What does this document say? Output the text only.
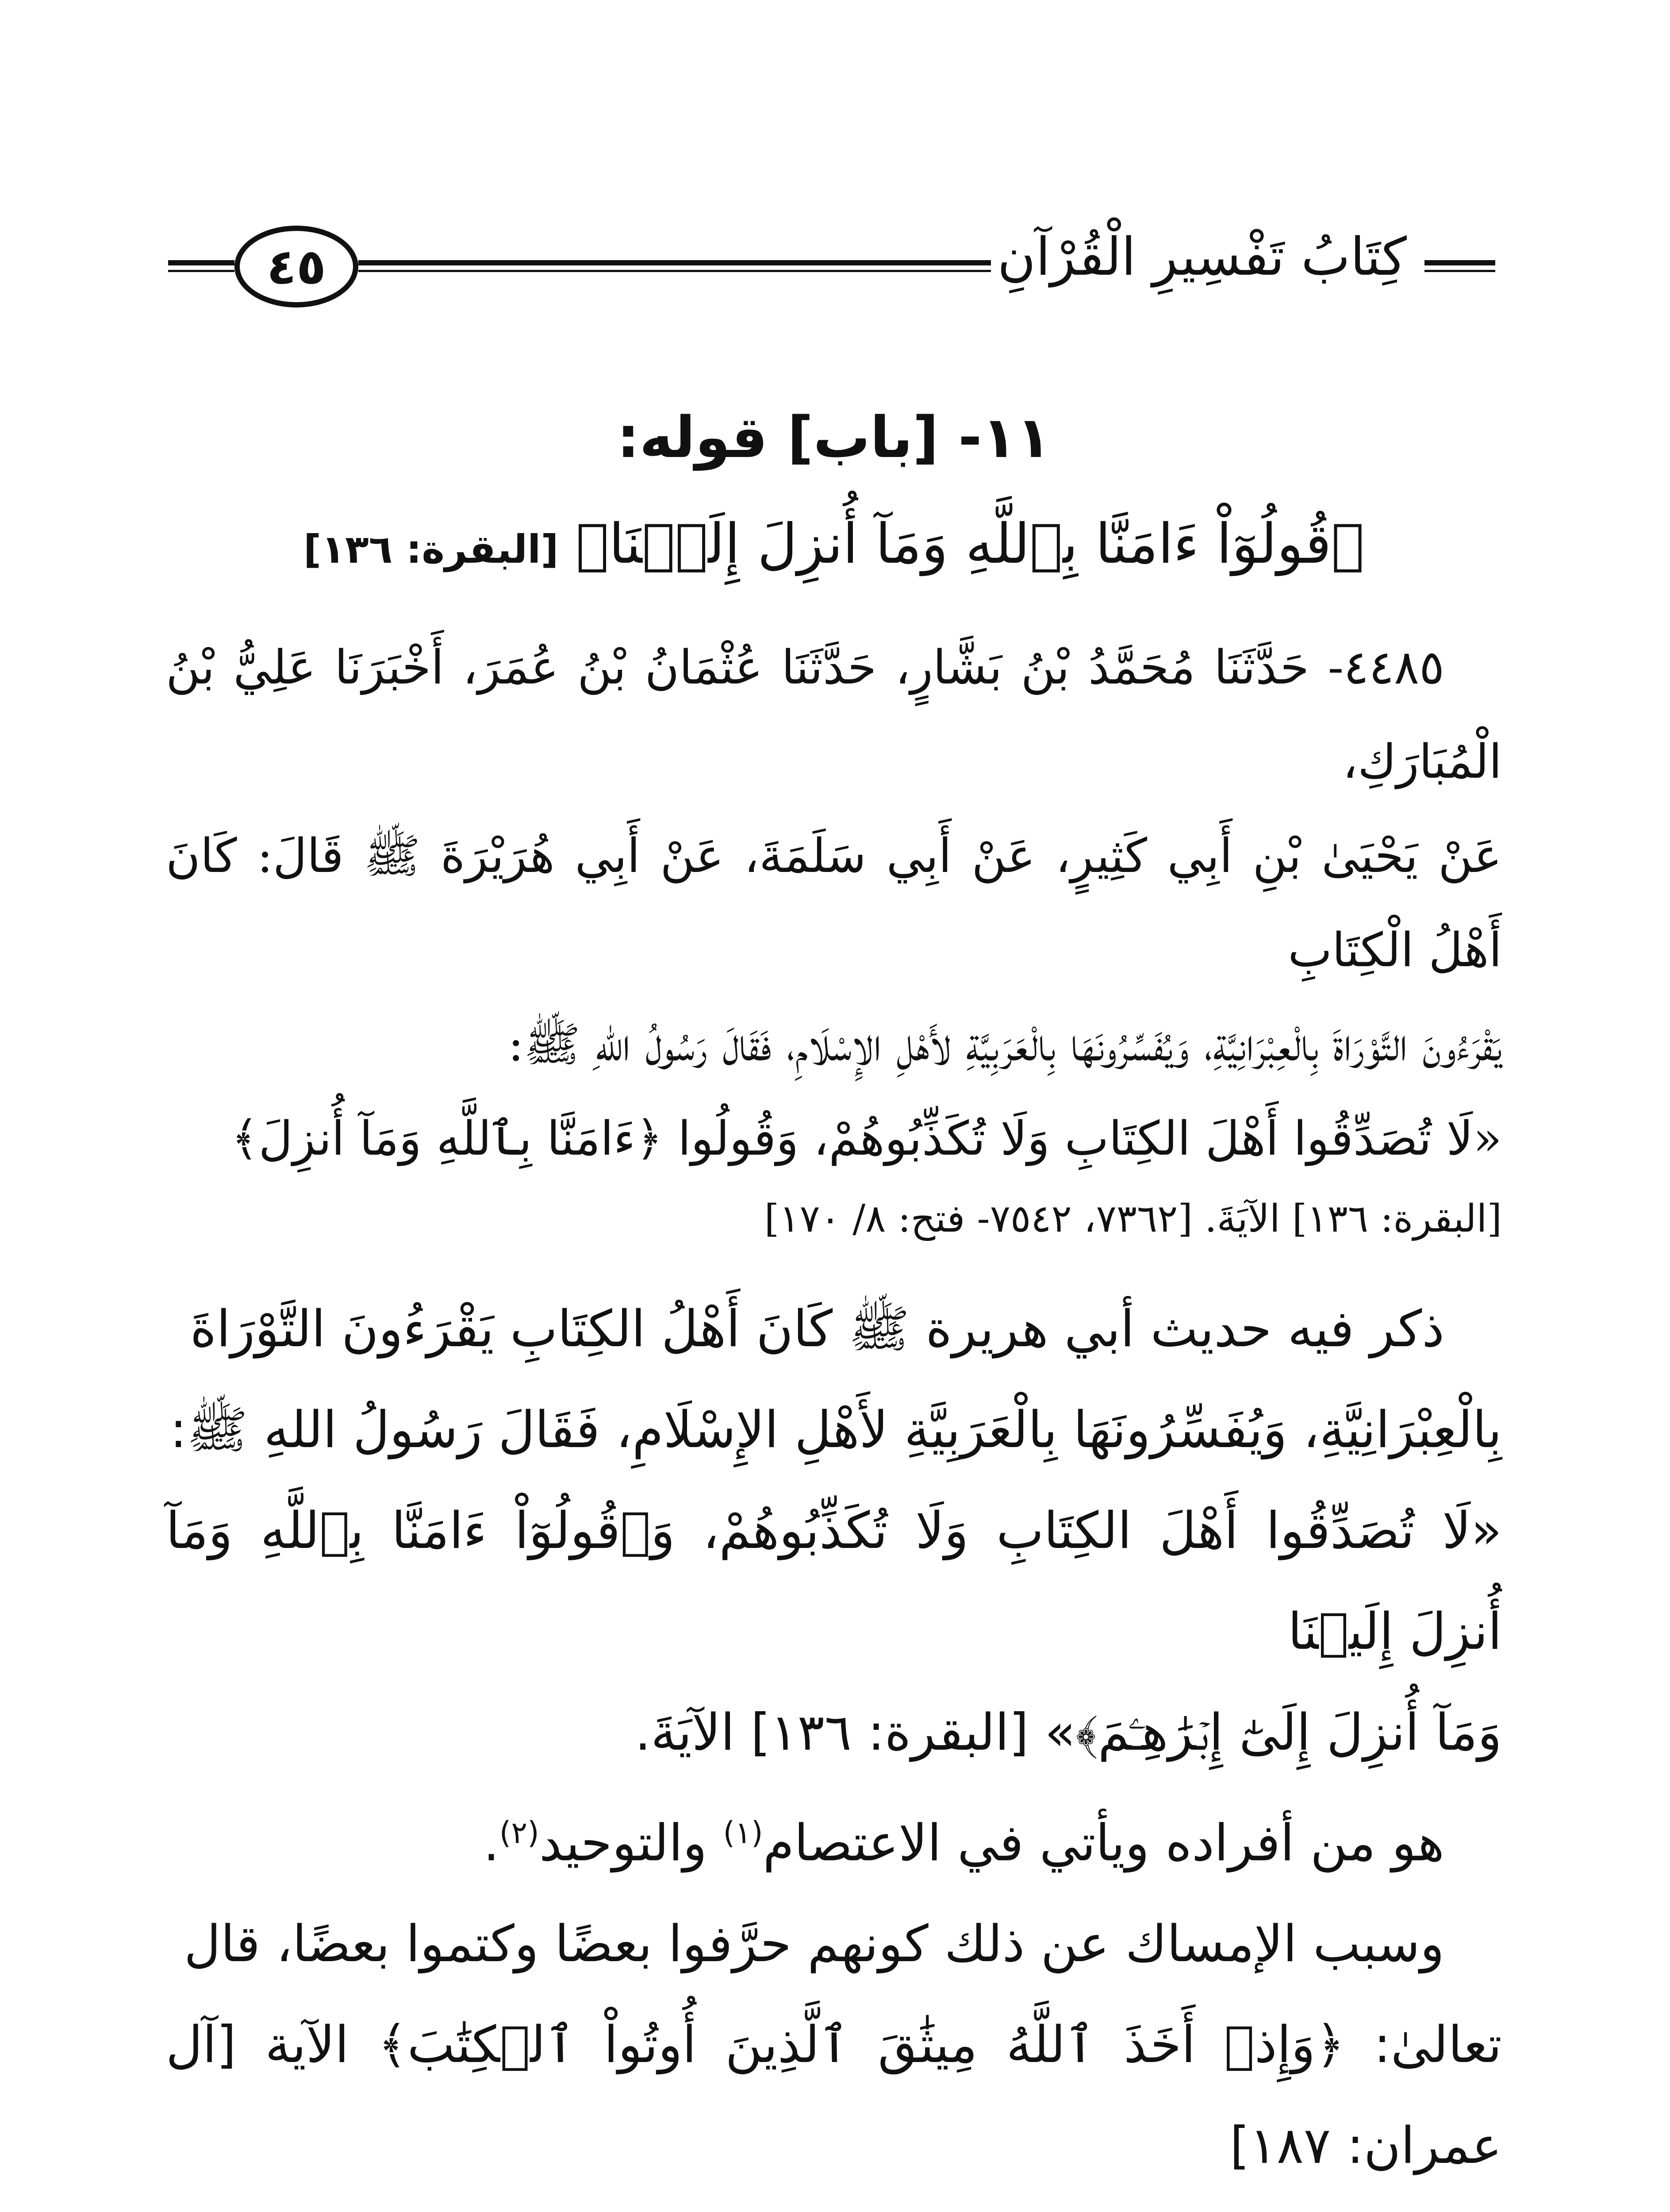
كِتَابُ تَفْسِيرِ الْقُرْآنِ
٤٥
١١- [باب] قوله:
﴿قُولُوٓاْ ءَامَنَّا بِٱللَّهِ وَمَآ أُنزِلَ إِلَيۡنَا﴾ [البقرة: ١٣٦]

٤٤٨٥- حَدَّثَنَا مُحَمَّدُ بْنُ بَشَّارٍ، حَدَّثَنَا عُثْمَانُ بْنُ عُمَرَ، أَخْبَرَنَا عَلِيُّ بْنُ الْمُبَارَكِ،

عَنْ يَحْيَىٰ بْنِ أَبِي كَثِيرٍ، عَنْ أَبِي سَلَمَةَ، عَنْ أَبِي هُرَيْرَةَ ﷺ قَالَ: كَانَ أَهْلُ الْكِتَابِ

يَقْرَءُونَ التَّوْرَاةَ بِالْعِبْرَانِيَّةِ، وَيُفَسِّرُونَهَا بِالْعَرَبِيَّةِ لأَهْلِ الإِسْلَامِ، فَقَالَ رَسُولُ اللهِ ﷺ:

«لَا تُصَدِّقُوا أَهْلَ الكِتَابِ وَلَا تُكَذِّبُوهُمْ، وَقُولُوا ﴿ءَامَنَّا بِٱللَّهِ وَمَآ أُنزِلَ﴾

[البقرة: ١٣٦] الآيَةَ. [٧٣٦٢، ٧٥٤٢- فتح: ٨/ ١٧٠]

ذكر فيه حديث أبي هريرة ﷺ كَانَ أَهْلُ الكِتَابِ يَقْرَءُونَ التَّوْرَاةَ

بِالْعِبْرَانِيَّةِ، وَيُفَسِّرُونَهَا بِالْعَرَبِيَّةِ لأَهْلِ الإِسْلَامِ، فَقَالَ رَسُولُ اللهِ ﷺ:

«لَا تُصَدِّقُوا أَهْلَ الكِتَابِ وَلَا تُكَذِّبُوهُمْ، وَ﴿قُولُوٓاْ ءَامَنَّا بِٱللَّهِ وَمَآ أُنزِلَ إِلَيۡنَا

وَمَآ أُنزِلَ إِلَىٰٓ إِبۡرَٰهِـۧمَ﴾» [البقرة: ١٣٦] الآيَةَ.

هو من أفراده ويأتي في الاعتصام$^{(١)}$ والتوحيد$^{(٢)}$.

وسبب الإمساك عن ذلك كونهم حرَّفوا بعضًا وكتموا بعضًا، قال

تعالىٰ: ﴿وَإِذۡ أَخَذَ ٱللَّهُ مِيثَٰقَ ٱلَّذِينَ أُوتُواْ ٱلۡكِتَٰبَ﴾ الآية [آل عمران: ١٨٧]
